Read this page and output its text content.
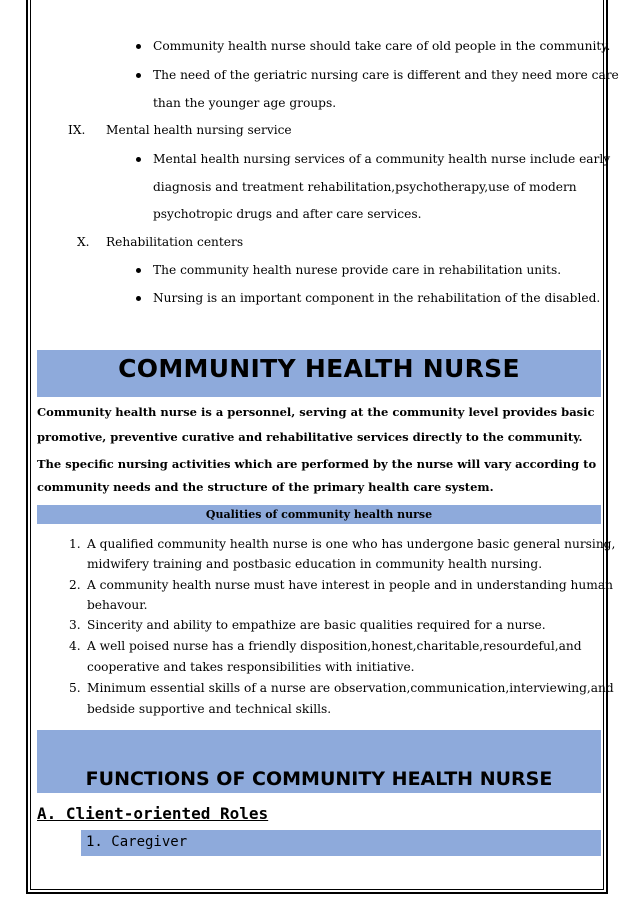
Community health nurse should take care of old people in the community.
The need of the geriatric nursing care is different and they need more care
than the younger age groups.
IX. Mental health nursing service
Mental health nursing services of a community health nurse include early
diagnosis and treatment rehabilitation,psychotherapy,use of modern
psychotropic drugs and after care services.
X. Rehabilitation centers
The community health nurese provide care in rehabilitation units.
Nursing is an important component in the rehabilitation of the disabled.
COMMUNITY HEALTH NURSE
Community health nurse is a personnel, serving at the community level provides basic
promotive, preventive curative and rehabilitative services directly to the community.
The specific nursing activities which are performed by the nurse will vary according to
community needs and the structure of the primary health care system.
Qualities of community health nurse
1. A qualified community health nurse is one who has undergone basic general nursing,
midwifery training and postbasic education in community health nursing.
2. A community health nurse must have interest in people and in understanding human
behavour.
3. Sincerity and ability to empathize are basic qualities required for a nurse.
4. A well poised nurse has a friendly disposition,honest,charitable,resourdeful,and
cooperative and takes responsibilities with initiative.
5. Minimum essential skills of a nurse are observation,communication,interviewing,and
bedside supportive and technical skills.
FUNCTIONS OF COMMUNITY HEALTH NURSE
A. Client-oriented Roles
1. Caregiver
